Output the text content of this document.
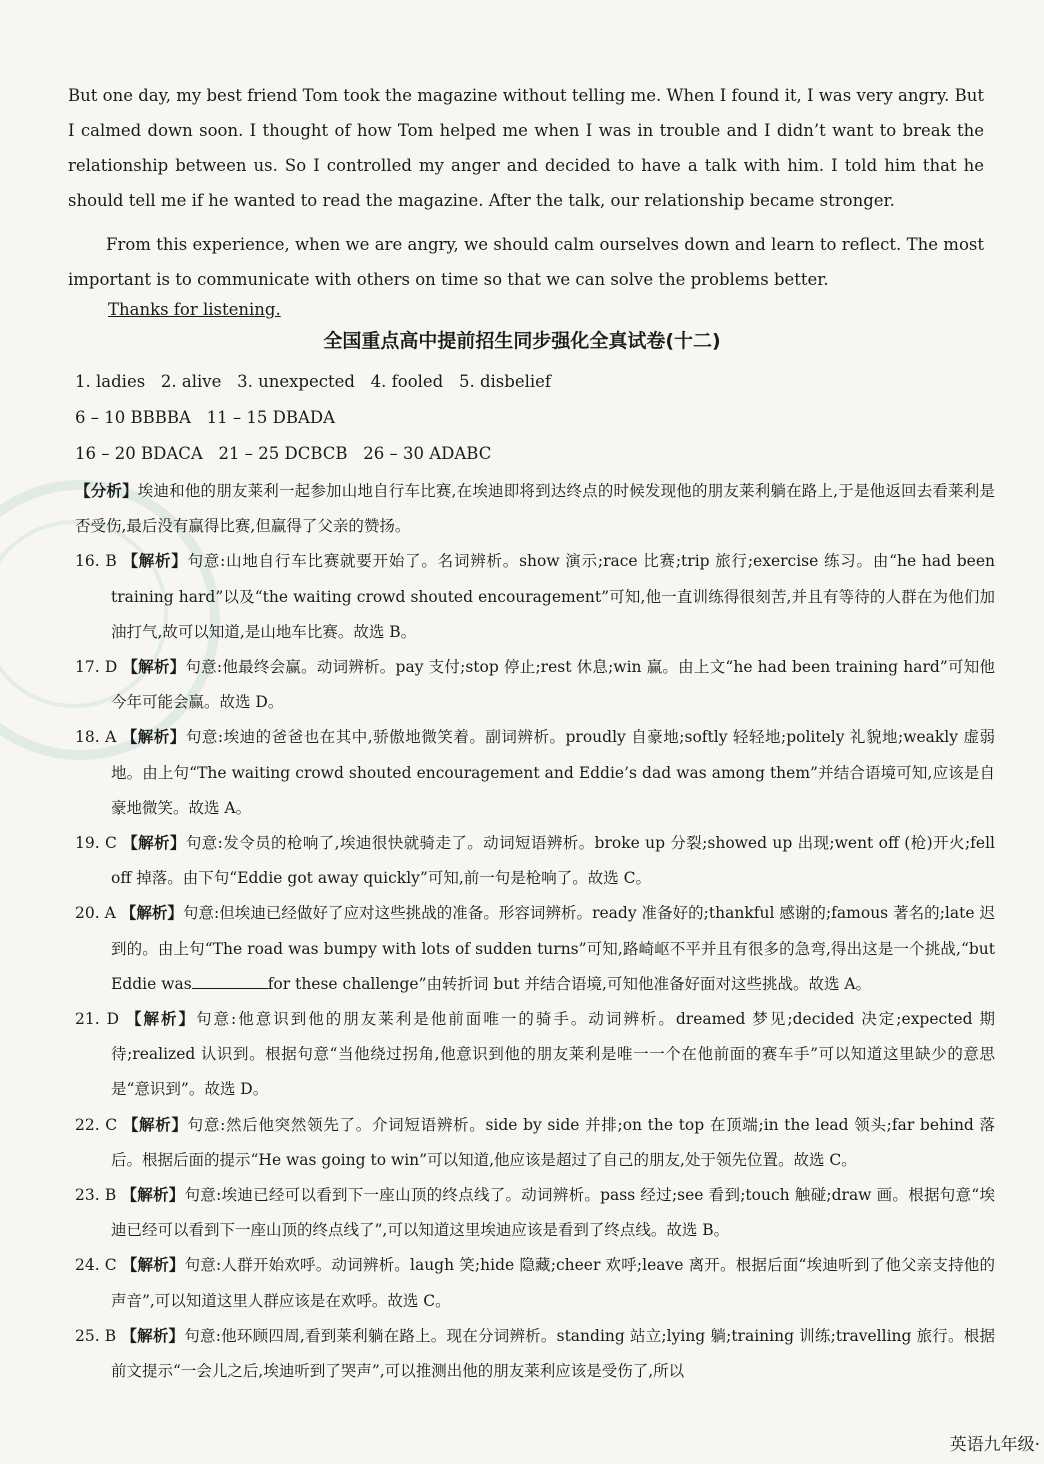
But one day, my best friend Tom took the magazine without telling me. When I found it, I was very angry. But I calmed down soon. I thought of how Tom helped me when I was in trouble and I didn’t want to break the relationship between us. So I controlled my anger and decided to have a talk with him. I told him that he should tell me if he wanted to read the magazine. After the talk, our relationship became stronger.
From this experience, when we are angry, we should calm ourselves down and learn to reflect. The most important is to communicate with others on time so that we can solve the problems better.
Thanks for listening.
全国重点高中提前招生同步强化全真试卷(十二)
1. ladies   2. alive   3. unexpected   4. fooled   5. disbelief
6 – 10 BBBBA   11 – 15 DBADA
16 – 20 BDACA   21 – 25 DCBCB   26 – 30 ADABC

【分析】埃迪和他的朋友莱利一起参加山地自行车比赛,在埃迪即将到达终点的时候发现他的朋友莱利躺在路上,于是他返回去看莱利是否受伤,最后没有赢得比赛,但赢得了父亲的赞扬。

16. B 【解析】句意:山地自行车比赛就要开始了。名词辨析。show 演示;race 比赛;trip 旅行;exercise 练习。由“he had been training hard”以及“the waiting crowd shouted encouragement”可知,他一直训练得很刻苦,并且有等待的人群在为他们加油打气,故可以知道,是山地车比赛。故选 B。

17. D 【解析】句意:他最终会赢。动词辨析。pay 支付;stop 停止;rest 休息;win 赢。由上文“he had been training hard”可知他今年可能会赢。故选 D。

18. A 【解析】句意:埃迪的爸爸也在其中,骄傲地微笑着。副词辨析。proudly 自豪地;softly 轻轻地;politely 礼貌地;weakly 虚弱地。由上句“The waiting crowd shouted encouragement and Eddie’s dad was among them”并结合语境可知,应该是自豪地微笑。故选 A。

19. C 【解析】句意:发令员的枪响了,埃迪很快就骑走了。动词短语辨析。broke up 分裂;showed up 出现;went off (枪)开火;fell off 掉落。由下句“Eddie got away quickly”可知,前一句是枪响了。故选 C。

20. A 【解析】句意:但埃迪已经做好了应对这些挑战的准备。形容词辨析。ready 准备好的;thankful 感谢的;famous 著名的;late 迟到的。由上句“The road was bumpy with lots of sudden turns”可知,路崎岖不平并且有很多的急弯,得出这是一个挑战,“but Eddie was	for these challenge”由转折词 but 并结合语境,可知他准备好面对这些挑战。故选 A。

21. D 【解析】句意:他意识到他的朋友莱利是他前面唯一的骑手。动词辨析。dreamed 梦见;decided 决定;expected 期待;realized 认识到。根据句意“当他绕过拐角,他意识到他的朋友莱利是唯一一个在他前面的赛车手”可以知道这里缺少的意思是“意识到”。故选 D。

22. C 【解析】句意:然后他突然领先了。介词短语辨析。side by side 并排;on the top 在顶端;in the lead 领头;far behind 落后。根据后面的提示“He was going to win”可以知道,他应该是超过了自己的朋友,处于领先位置。故选 C。

23. B 【解析】句意:埃迪已经可以看到下一座山顶的终点线了。动词辨析。pass 经过;see 看到;touch 触碰;draw 画。根据句意“埃迪已经可以看到下一座山顶的终点线了”,可以知道这里埃迪应该是看到了终点线。故选 B。

24. C 【解析】句意:人群开始欢呼。动词辨析。laugh 笑;hide 隐藏;cheer 欢呼;leave 离开。根据后面“埃迪听到了他父亲支持他的声音”,可以知道这里人群应该是在欢呼。故选 C。

25. B 【解析】句意:他环顾四周,看到莱利躺在路上。现在分词辨析。standing 站立;lying 躺;training 训练;travelling 旅行。根据前文提示“一会儿之后,埃迪听到了哭声”,可以推测出他的朋友莱利应该是受伤了,所以

英语九年级·
